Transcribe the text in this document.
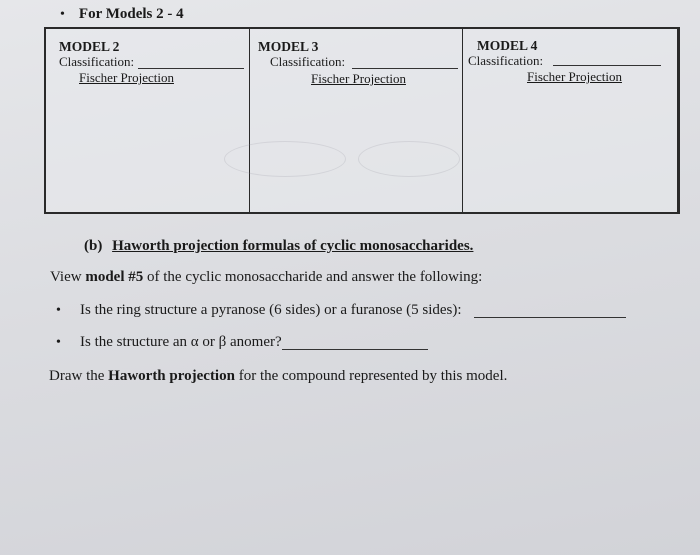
• For Models 2 - 4
MODEL 2
Classification:
Fischer Projection
MODEL 3
Classification:
Fischer Projection
MODEL 4
Classification:
Fischer Projection
(b) Haworth projection formulas of cyclic monosaccharides.
View model #5 of the cyclic monosaccharide and answer the following:
•	Is the ring structure a pyranose (6 sides) or a furanose (5 sides):
•	Is the structure an α or β anomer?
Draw the Haworth projection for the compound represented by this model.
